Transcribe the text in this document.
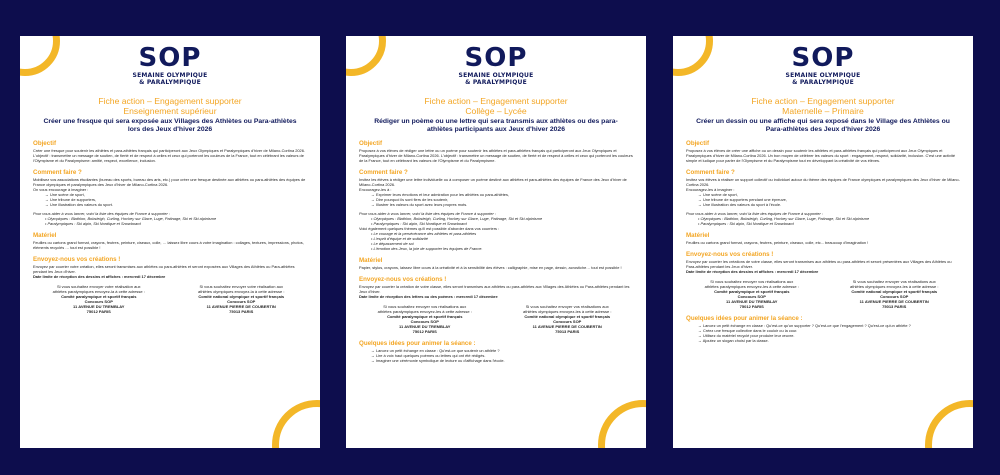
SOP
SEMAINE OLYMPIQUE
& PARALYMPIQUE
Fiche action – Engagement supporter
Enseignement supérieur
Créer une fresque qui sera exposée aux Villages des Athlètes ou Para-athlètes lors des Jeux d'hiver 2026
Objectif
Créer une fresque pour soutenir les athlètes et para-athlètes français qui participeront aux Jeux Olympiques et Paralympiques d'hiver de Milano-Cortina 2026. L'objectif : transmettre un message de soutien, de fierté et de respect à celles et ceux qui porteront les couleurs de la France, tout en célébrant les valeurs de l'Olympisme et du Paralympisme: amitié, respect, excellence, inclusion.
Comment faire ?
Mobilisez vos associations étudiantes (bureau des sports, bureau des arts, etc.) pour créer une fresque destinée aux athlètes ou para-athlètes des équipes de France olympiques et paralympiques des Jeux d'hiver de Milano-Cortina 2026.
On vous encourage à imaginer :
→ Une scène de sport,
→ Une tribune de supporters,
→ Une illustration des valeurs du sport.
Pour vous aider à vous lancer, voici la liste des équipes de France à supporter :
• Olympiques : Biathlon, Bobsleigh, Curling, Hockey sur Glace, Luge, Patinage, Ski et Ski alpinisme
• Paralympiques : Ski alpin, Ski Nordique et Snowboard
Matériel
Feuilles ou cartons grand format, crayons, feutres, peinture, ciseaux, colle, … laissez libre cours à votre imagination : collages, textures, impressions, photos, éléments recyclés … tout est possible !
Envoyez-nous vos créations !
Envoyez par courrier votre création, elles seront transmises aux athlètes ou para-athlètes et seront exposées aux Villages des Athlètes ou Para-athlètes pendant les Jeux d'hiver.
Date limite de réception des dessins et affiches : mercredi 17 décembre
Si vous souhaitez envoyer votre réalisation aux
athlètes paralympiques envoyez-la à cette adresse :
Comité paralympique et sportif français
Concours SOP
11 AVENUE DU TREMBLAY
75012 PARIS
Si vous souhaitez envoyer votre réalisation aux
athlètes olympiques envoyez-la à cette adresse :
Comité national olympique et sportif français
Concours SOP
11 AVENUE PIERRE DE COUBERTIN
75013 PARIS
SOP
SEMAINE OLYMPIQUE
& PARALYMPIQUE
Fiche action – Engagement supporter
Collège – Lycée
Rédiger un poème ou une lettre qui sera transmis aux athlètes ou des para-athlètes participants aux Jeux d'hiver 2026
Objectif
Proposez à vos élèves de rédiger une lettre ou un poème pour soutenir les athlètes et para-athlètes français qui participeront aux Jeux Olympiques et Paralympiques d'hiver de Milano-Cortina 2026. L'objectif : transmettre un message de soutien, de fierté et de respect à celles et ceux qui porteront les couleurs de la France, tout en célébrant les valeurs de l'Olympisme et du Paralympisme.
Comment faire ?
Invitez les élèves à rédiger une lettre individuelle ou à composer un poème destiné aux athlètes et para-athlètes des équipes de France des Jeux d'hiver de Milano-Cortina 2026.
Encouragez-les à :
→ Exprimer leurs émotions et leur admiration pour les athlètes ou para-athlètes,
→ Dire pourquoi ils sont fiers de les soutenir,
→ Illustrer les valeurs du sport avec leurs propres mots.
Pour vous aider à vous lancer, voici la liste des équipes de France à supporter :
• Olympiques : Biathlon, Bobsleigh, Curling, Hockey sur Glace, Luge, Patinage, Ski et Ski alpinisme
• Paralympiques : Ski alpin, Ski Nordique et Snowboard
Voici également quelques thèmes qu'il est possible d'aborder dans vos courriers :
• Le courage et la persévérance des athlètes et para-athlètes
• L'esprit d'équipe et de solidarité
• Le dépassement de soi
• L'émotion des Jeux, la joie de supporter les équipes de France.
Matériel
Papier, stylos, crayons, laissez libre cours à la créativité et à la sensibilité des élèves : calligraphie, mise en page, dessin, acrostiche… tout est possible !
Envoyez-nous vos créations !
Envoyez par courrier la création de votre classe, elles seront transmises aux athlètes ou para-athlètes aux Villages des Athlètes ou Para-athlètes pendant les Jeux d'hiver.
Date limite de réception des lettres ou des poèmes : mercredi 17 décembre
Si vous souhaitez envoyer vos réalisations aux
athlètes paralympiques envoyez-les à cette adresse :
Comité paralympique et sportif français
Concours SOP
11 AVENUE DU TREMBLAY
75012 PARIS
Si vous souhaitez envoyer vos réalisations aux
athlètes olympiques envoyez-les à cette adresse :
Comité national olympique et sportif français
Concours SOP
11 AVENUE PIERRE DE COUBERTIN
75013 PARIS
Quelques idées pour animer la séance :
→ Lancez un petit échange en classe : Qu'est-ce que soutenir un athlète ?
→ Lire à voix haut quelques poèmes ou lettres qui ont été rédigés.
→ Imaginer une cérémonie symbolique de lecture ou d'affichage dans l'école.
SOP
SEMAINE OLYMPIQUE
& PARALYMPIQUE
Fiche action – Engagement supporter
Maternelle – Primaire
Créer un dessin ou une affiche qui sera exposé dans le Village des Athlètes ou Para-athlètes des Jeux d'hiver 2026
Objectif
Proposez à vos élèves de créer une affiche ou un dessin pour soutenir les athlètes et para-athlètes français qui participeront aux Jeux Olympiques et Paralympiques d'hiver de Milano-Cortina 2026. Un bon moyen de célébrer les valeurs du sport : engagement, respect, solidarité, inclusion. C'est une activité simple et ludique pour parler de l'Olympisme et du Paralympisme tout en développant la créativité de vos élèves.
Comment faire ?
Invitez vos élèves à réaliser un support collectif ou individuel autour du thème des équipes de France olympiques et paralympiques des Jeux d'hiver de Milano-Cortina 2026.
Encouragez-les à imaginer :
→ Une scène de sport,
→ Une tribune de supporters pendant une épreuve,
→ Une illustration des valeurs du sport à l'école.
Pour vous aider à vous lancer, voici la liste des équipes de France à supporter :
• Olympiques : Biathlon, Bobsleigh, Curling, Hockey sur Glace, Luge, Patinage, Ski et Ski alpinisme
• Paralympiques : Ski alpin, Ski Nordique et Snowboard
Matériel
Feuilles ou cartons grand format, crayons, feutres, peinture, ciseaux, colle, etc... beaucoup d'imagination !
Envoyez-nous vos créations !
Envoyez par courrier les créations de votre classe, elles seront transmises aux athlètes ou para-athlètes et seront présentées aux Villages des Athlètes ou Para-athlètes pendant les Jeux d'hiver.
Date limite de réception des dessins et affiches : mercredi 17 décembre
Si vous souhaitez envoyer vos réalisations aux
athlètes paralympiques envoyez-les à cette adresse :
Comité paralympique et sportif français
Concours SOP
11 AVENUE DU TREMBLAY
75012 PARIS
Si vous souhaitez envoyer vos réalisations aux
athlètes olympiques envoyez-les à cette adresse :
Comité national olympique et sportif français
Concours SOP
11 AVENUE PIERRE DE COUBERTIN
75013 PARIS
Quelques idées pour animer la séance :
→ Lancez un petit échange en classe : Qu'est-ce qu'un supporter ? Qu'est-ce que l'engagement ? Qu'est-ce qu'un athlète ?
→ Créez une fresque collective dans le couloir ou la cour.
→ Utilisez du matériel recyclé pour produire leur œuvre.
→ Ajoutez un slogan choisi par la classe.
